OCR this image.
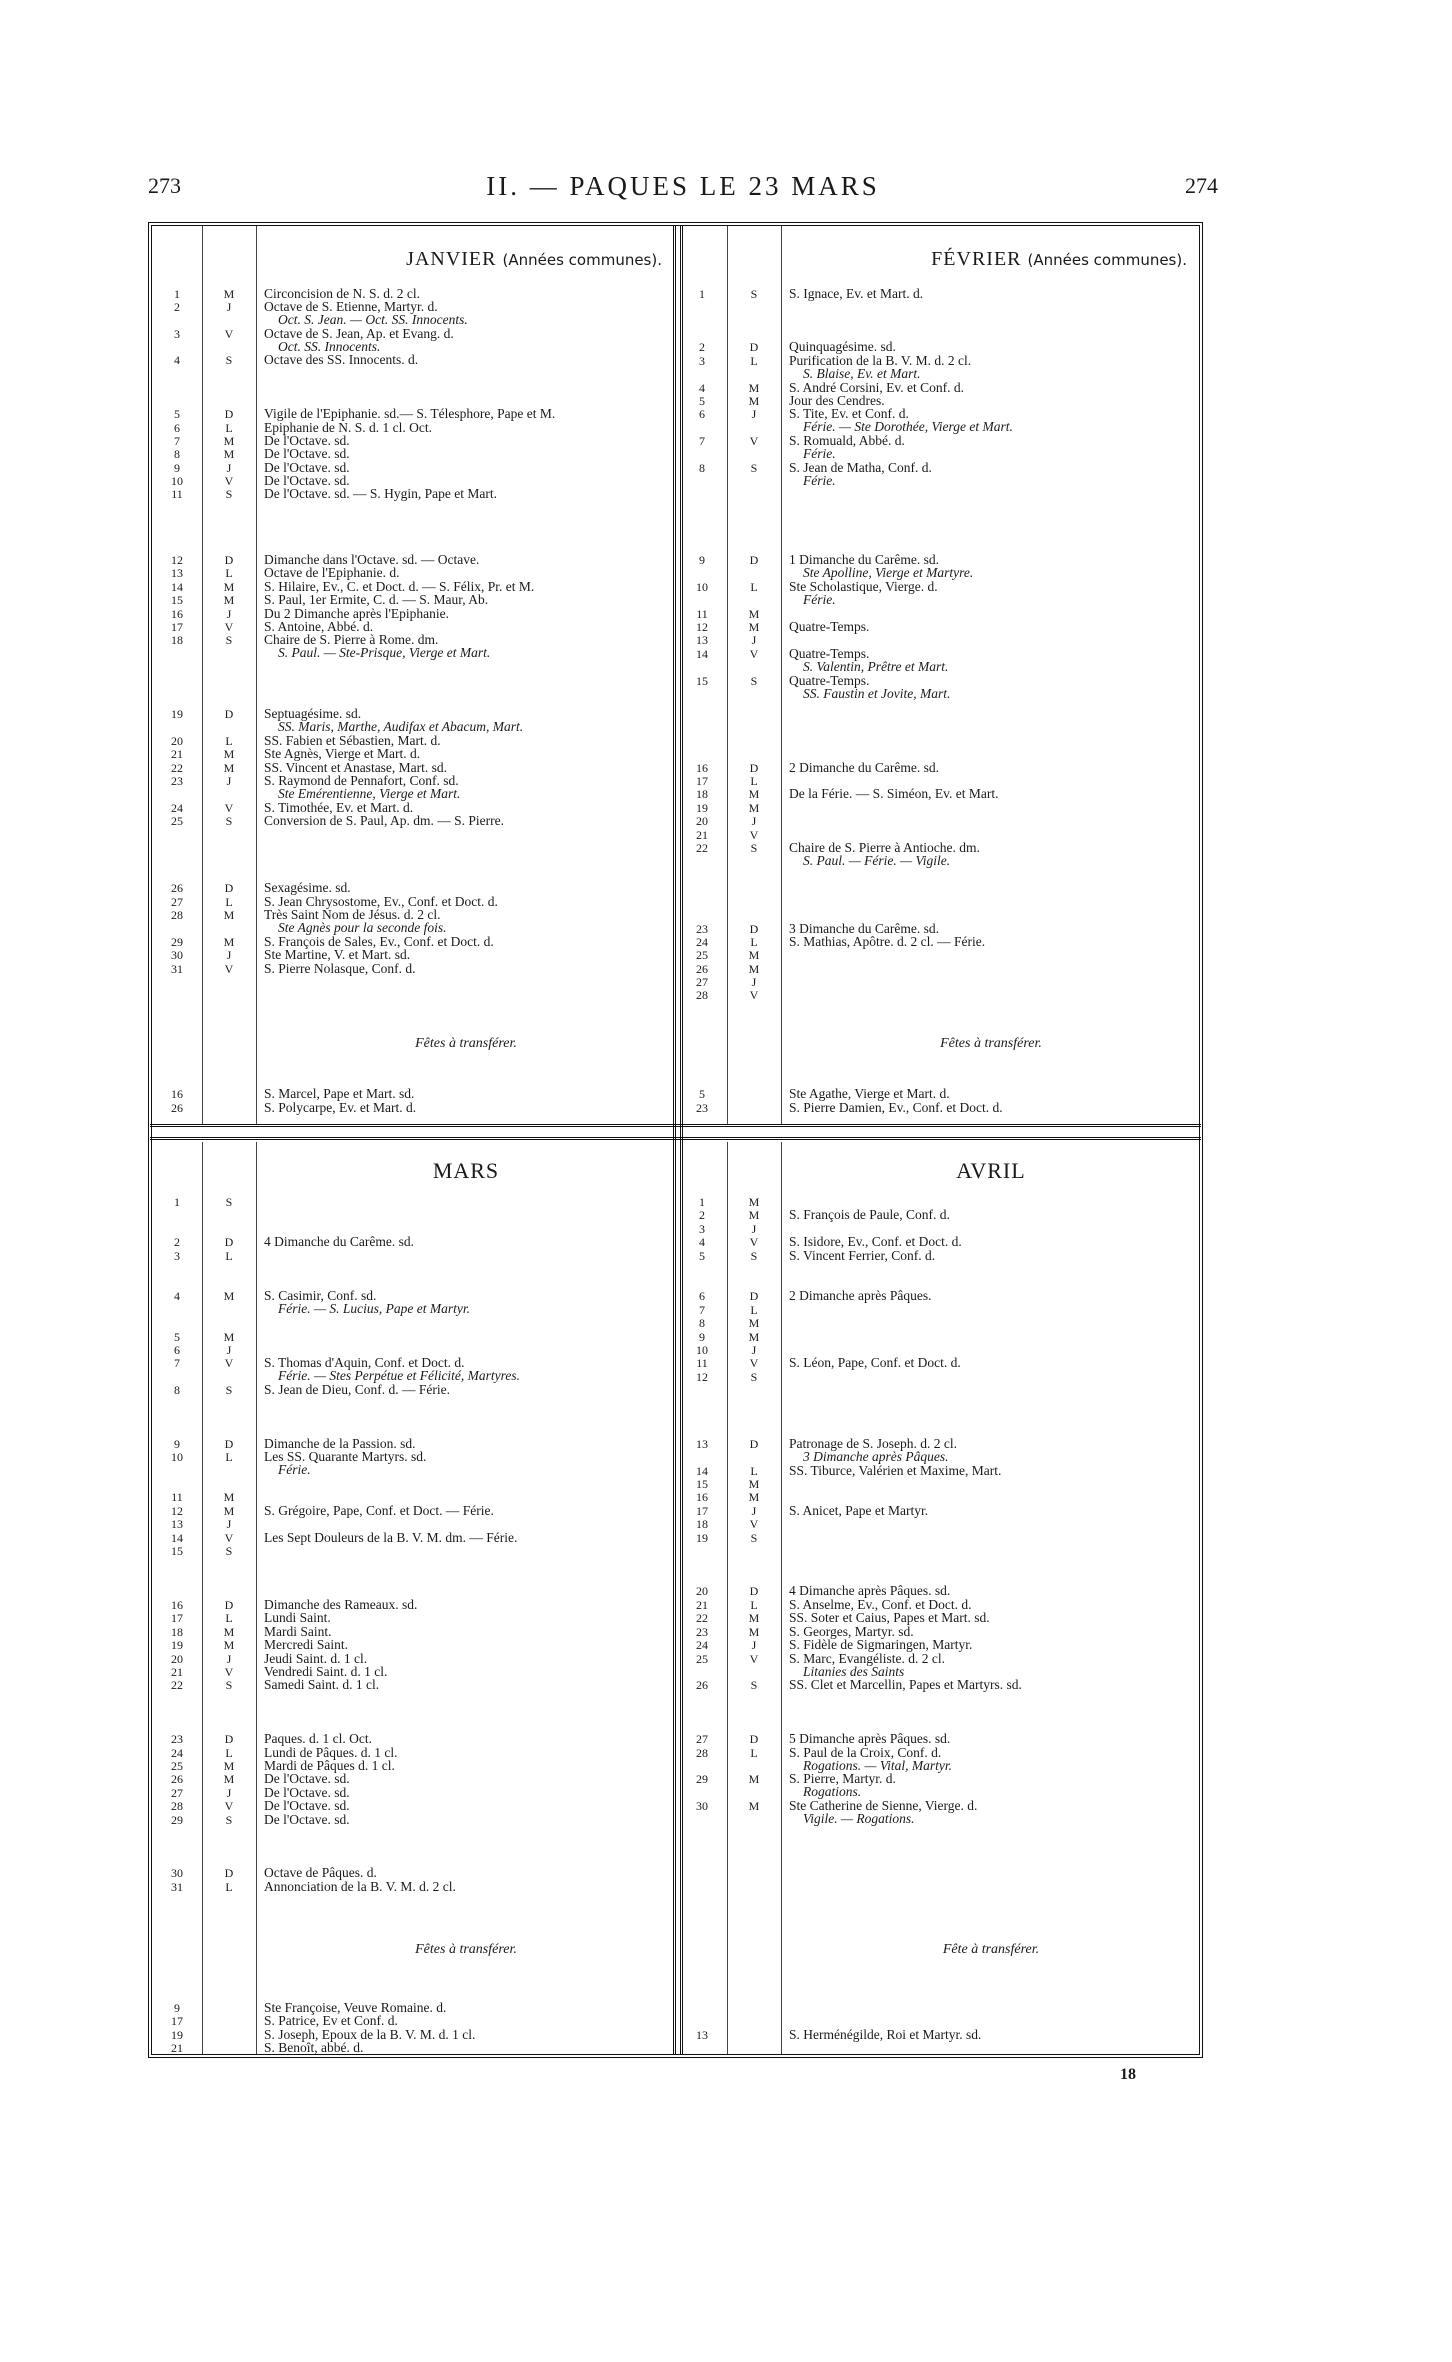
273	II. — PAQUES LE 23 MARS	274
JANVIER (Années communes).
1	M	Circoncision de N. S. d. 2 cl.
2	J	Octave de S. Etienne, Martyr. d.
Oct. S. Jean. — Oct. SS. Innocents.
3	V	Octave de S. Jean, Ap. et Evang. d.
Oct. SS. Innocents.
4	S	Octave des SS. Innocents. d.
5	D	Vigile de l'Epiphanie. sd.— S. Télesphore, Pape et M.
6	L	Epiphanie de N. S. d. 1 cl. Oct.
7	M	De l'Octave. sd.
8	M	De l'Octave. sd.
9	J	De l'Octave. sd.
10	V	De l'Octave. sd.
11	S	De l'Octave. sd. — S. Hygin, Pape et Mart.
12	D	Dimanche dans l'Octave. sd. — Octave.
13	L	Octave de l'Epiphanie. d.
14	M	S. Hilaire, Ev., C. et Doct. d. — S. Félix, Pr. et M.
15	M	S. Paul, 1er Ermite, C. d. — S. Maur, Ab.
16	J	Du 2 Dimanche après l'Epiphanie.
17	V	S. Antoine, Abbé. d.
18	S	Chaire de S. Pierre à Rome. dm.
S. Paul. — Ste-Prisque, Vierge et Mart.
19	D	Septuagésime. sd.
SS. Maris, Marthe, Audifax et Abacum, Mart.
20	L	SS. Fabien et Sébastien, Mart. d.
21	M	Ste Agnès, Vierge et Mart. d.
22	M	SS. Vincent et Anastase, Mart. sd.
23	J	S. Raymond de Pennafort, Conf. sd.
Ste Emérentienne, Vierge et Mart.
24	V	S. Timothée, Ev. et Mart. d.
25	S	Conversion de S. Paul, Ap. dm. — S. Pierre.
26	D	Sexagésime. sd.
27	L	S. Jean Chrysostome, Ev., Conf. et Doct. d.
28	M	Très Saint Nom de Jésus. d. 2 cl.
Ste Agnès pour la seconde fois.
29	M	S. François de Sales, Ev., Conf. et Doct. d.
30	J	Ste Martine, V. et Mart. sd.
31	V	S. Pierre Nolasque, Conf. d.
Fêtes à transférer.
16	S. Marcel, Pape et Mart. sd.
26	S. Polycarpe, Ev. et Mart. d.
FÉVRIER (Années communes).
1	S	S. Ignace, Ev. et Mart. d.
2	D	Quinquagésime. sd.
3	L	Purification de la B. V. M. d. 2 cl.
S. Blaise, Ev. et Mart.
4	M	S. André Corsini, Ev. et Conf. d.
5	M	Jour des Cendres.
6	J	S. Tite, Ev. et Conf. d.
Férie. — Ste Dorothée, Vierge et Mart.
7	V	S. Romuald, Abbé. d.
Férie.
8	S	S. Jean de Matha, Conf. d.
Férie.
9	D	1 Dimanche du Carême. sd.
Ste Apolline, Vierge et Martyre.
10	L	Ste Scholastique, Vierge. d.
Férie.
11	M
12	M	Quatre-Temps.
13	J
14	V	Quatre-Temps.
S. Valentin, Prêtre et Mart.
15	S	Quatre-Temps.
SS. Faustin et Jovite, Mart.
16	D	2 Dimanche du Carême. sd.
17	L
18	M	De la Férie. — S. Siméon, Ev. et Mart.
19	M
20	J
21	V
22	S	Chaire de S. Pierre à Antioche. dm.
S. Paul. — Férie. — Vigile.
23	D	3 Dimanche du Carême. sd.
24	L	S. Mathias, Apôtre. d. 2 cl. — Férie.
25	M
26	M
27	J
28	V
Fêtes à transférer.
5	Ste Agathe, Vierge et Mart. d.
23	S. Pierre Damien, Ev., Conf. et Doct. d.
MARS
1	S
2	D	4 Dimanche du Carême. sd.
3	L
4	M	S. Casimir, Conf. sd.
Férie. — S. Lucius, Pape et Martyr.
5	M
6	J
7	V	S. Thomas d'Aquin, Conf. et Doct. d.
Férie. — Stes Perpétue et Félicité, Martyres.
8	S	S. Jean de Dieu, Conf. d. — Férie.
9	D	Dimanche de la Passion. sd.
10	L	Les SS. Quarante Martyrs. sd.
Férie.
11	M
12	M	S. Grégoire, Pape, Conf. et Doct. — Férie.
13	J
14	V	Les Sept Douleurs de la B. V. M. dm. — Férie.
15	S
16	D	Dimanche des Rameaux. sd.
17	L	Lundi Saint.
18	M	Mardi Saint.
19	M	Mercredi Saint.
20	J	Jeudi Saint. d. 1 cl.
21	V	Vendredi Saint. d. 1 cl.
22	S	Samedi Saint. d. 1 cl.
23	D	Paques. d. 1 cl. Oct.
24	L	Lundi de Pâques. d. 1 cl.
25	M	Mardi de Pâques d. 1 cl.
26	M	De l'Octave. sd.
27	J	De l'Octave. sd.
28	V	De l'Octave. sd.
29	S	De l'Octave. sd.
30	D	Octave de Pâques. d.
31	L	Annonciation de la B. V. M. d. 2 cl.
Fêtes à transférer.
9	Ste Françoise, Veuve Romaine. d.
17	S. Patrice, Ev et Conf. d.
19	S. Joseph, Epoux de la B. V. M. d. 1 cl.
21	S. Benoît, abbé. d.
AVRIL
1	M
2	M	S. François de Paule, Conf. d.
3	J
4	V	S. Isidore, Ev., Conf. et Doct. d.
5	S	S. Vincent Ferrier, Conf. d.
6	D	2 Dimanche après Pâques.
7	L
8	M
9	M
10	J
11	V	S. Léon, Pape, Conf. et Doct. d.
12	S
13	D	Patronage de S. Joseph. d. 2 cl.
3 Dimanche après Pâques.
14	L	SS. Tiburce, Valérien et Maxime, Mart.
15	M
16	M
17	J	S. Anicet, Pape et Martyr.
18	V
19	S
20	D	4 Dimanche après Pâques. sd.
21	L	S. Anselme, Ev., Conf. et Doct. d.
22	M	SS. Soter et Caius, Papes et Mart. sd.
23	M	S. Georges, Martyr. sd.
24	J	S. Fidèle de Sigmaringen, Martyr.
25	V	S. Marc, Evangéliste. d. 2 cl.
Litanies des Saints
26	S	SS. Clet et Marcellin, Papes et Martyrs. sd.
27	D	5 Dimanche après Pâques. sd.
28	L	S. Paul de la Croix, Conf. d.
Rogations. — Vital, Martyr.
29	M	S. Pierre, Martyr. d.
Rogations.
30	M	Ste Catherine de Sienne, Vierge. d.
Vigile. — Rogations.
Fête à transférer.
13	S. Herménégilde, Roi et Martyr. sd.
18
